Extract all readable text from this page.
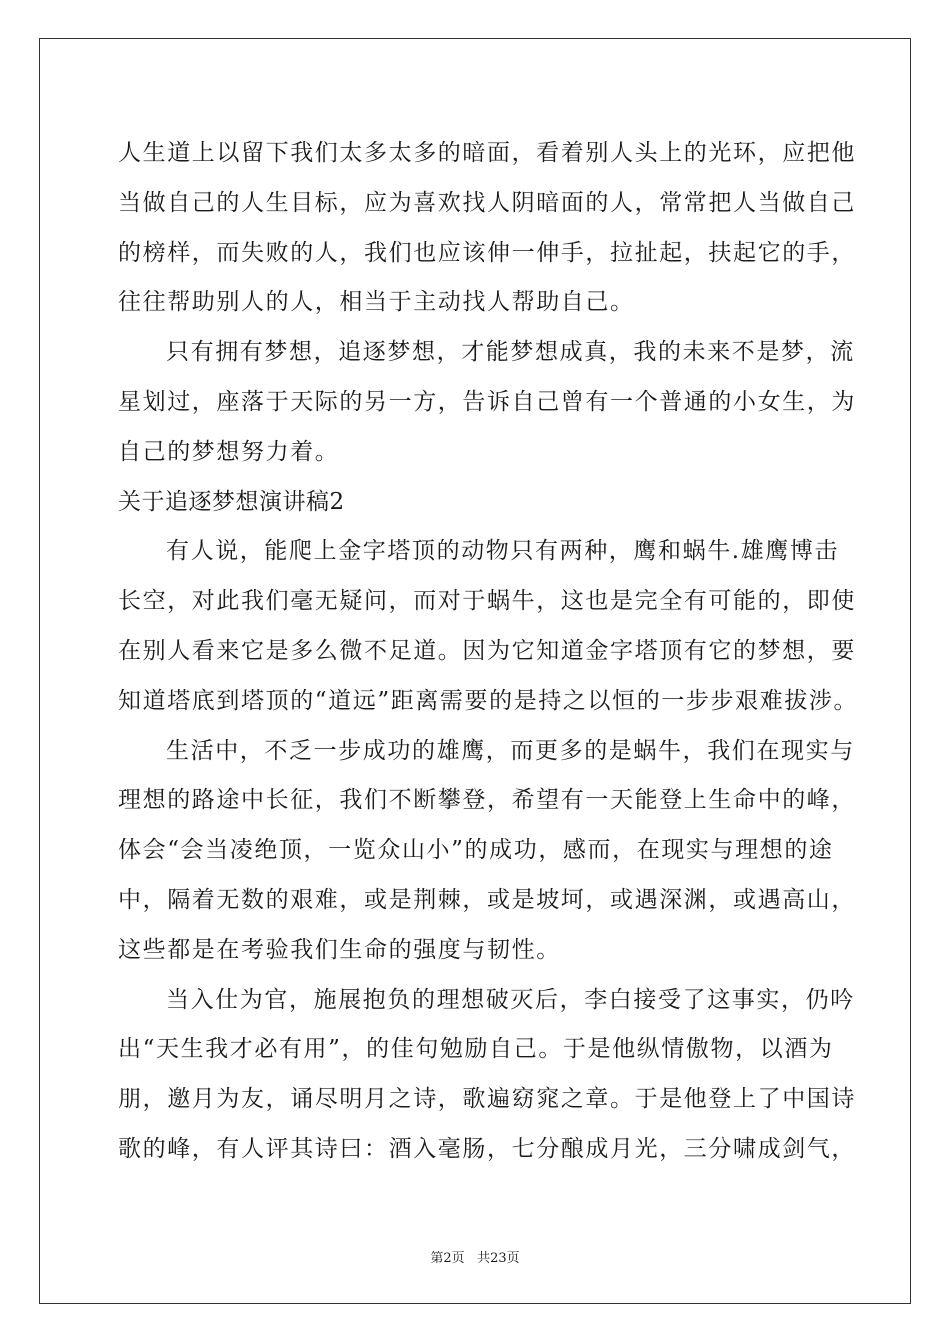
人生道上以留下我们太多太多的暗面，看着别人头上的光环，应把他
当做自己的人生目标，应为喜欢找人阴暗面的人，常常把人当做自己
的榜样，而失败的人，我们也应该伸一伸手，拉扯起，扶起它的手，
往往帮助别人的人，相当于主动找人帮助自己。
只有拥有梦想，追逐梦想，才能梦想成真，我的未来不是梦，流
星划过，座落于天际的另一方，告诉自己曾有一个普通的小女生，为
自己的梦想努力着。
关于追逐梦想演讲稿2
有人说，能爬上金字塔顶的动物只有两种，鹰和蜗牛.雄鹰博击
长空，对此我们毫无疑问，而对于蜗牛，这也是完全有可能的，即使
在别人看来它是多么微不足道。因为它知道金字塔顶有它的梦想，要
知道塔底到塔顶的“道远”距离需要的是持之以恒的一步步艰难拔涉。
生活中，不乏一步成功的雄鹰，而更多的是蜗牛，我们在现实与
理想的路途中长征，我们不断攀登，希望有一天能登上生命中的峰，
体会“会当凌绝顶，一览众山小”的成功，感而，在现实与理想的途
中，隔着无数的艰难，或是荆棘，或是坡坷，或遇深渊，或遇高山，
这些都是在考验我们生命的强度与韧性。
当入仕为官，施展抱负的理想破灭后，李白接受了这事实，仍吟
出“天生我才必有用”，的佳句勉励自己。于是他纵情傲物，以酒为
朋，邀月为友，诵尽明月之诗，歌遍窈窕之章。于是他登上了中国诗
歌的峰，有人评其诗曰：酒入毫肠，七分酿成月光，三分啸成剑气，
第2页 共23页
